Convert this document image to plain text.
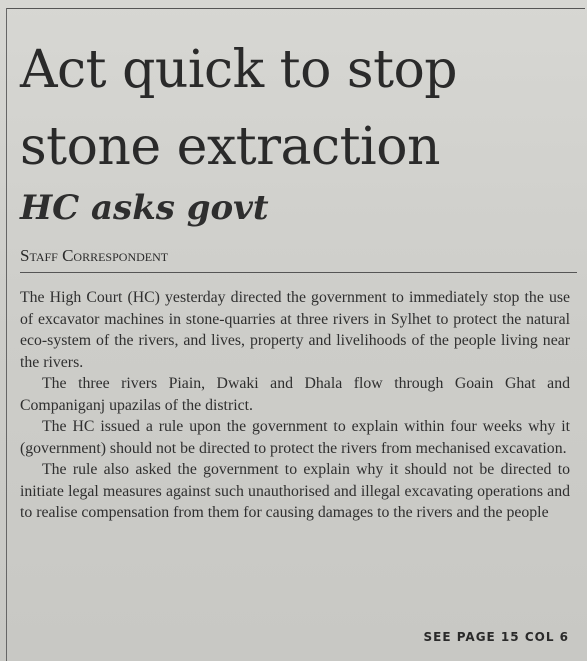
Act quick to stop
stone extraction
HC asks govt
Staff Correspondent

The High Court (HC) yesterday directed the government to immediately stop the use of excavator machines in stone-quarries at three rivers in Sylhet to protect the natural eco-system of the rivers, and lives, property and livelihoods of the people living near the rivers.

The three rivers Piain, Dwaki and Dhala flow through Goain Ghat and Companiganj upazilas of the district.

The HC issued a rule upon the government to explain within four weeks why it (government) should not be directed to protect the rivers from mechanised excavation.

The rule also asked the government to explain why it should not be directed to initiate legal measures against such unauthorised and illegal excavating operations and to realise compensation from them for causing damages to the rivers and the people

SEE PAGE 15 COL 6
